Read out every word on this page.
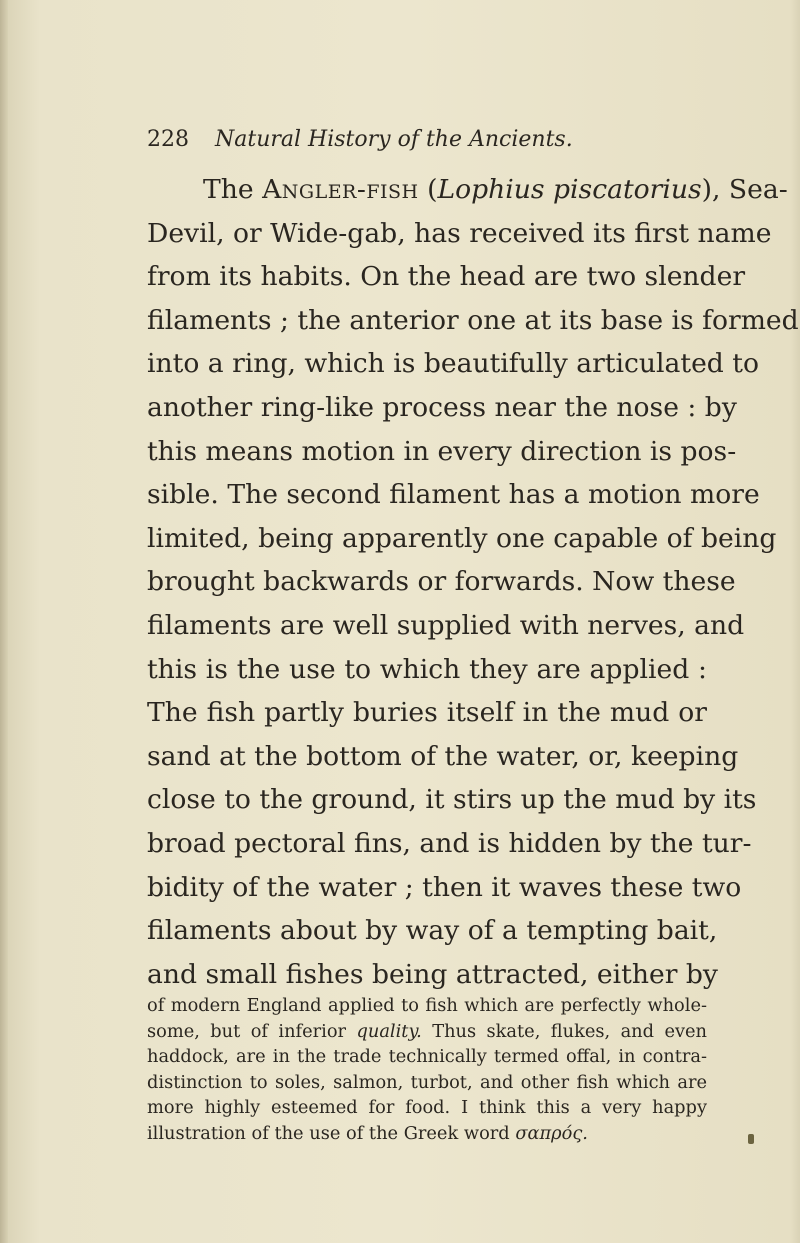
228 Natural History of the Ancients.
The Angler-fish (Lophius piscatorius), Sea-
Devil, or Wide-gab, has received its first name
from its habits. On the head are two slender
filaments ; the anterior one at its base is formed
into a ring, which is beautifully articulated to
another ring-like process near the nose : by
this means motion in every direction is pos-
sible. The second filament has a motion more
limited, being apparently one capable of being
brought backwards or forwards. Now these
filaments are well supplied with nerves, and
this is the use to which they are applied :
The fish partly buries itself in the mud or
sand at the bottom of the water, or, keeping
close to the ground, it stirs up the mud by its
broad pectoral fins, and is hidden by the tur-
bidity of the water ; then it waves these two
filaments about by way of a tempting bait,
and small fishes being attracted, either by
of modern England applied to fish which are perfectly whole-
some, but of inferior quality. Thus skate, flukes, and even
haddock, are in the trade technically termed offal, in contra-
distinction to soles, salmon, turbot, and other fish which are
more highly esteemed for food. I think this a very happy
illustration of the use of the Greek word σαπρός.
